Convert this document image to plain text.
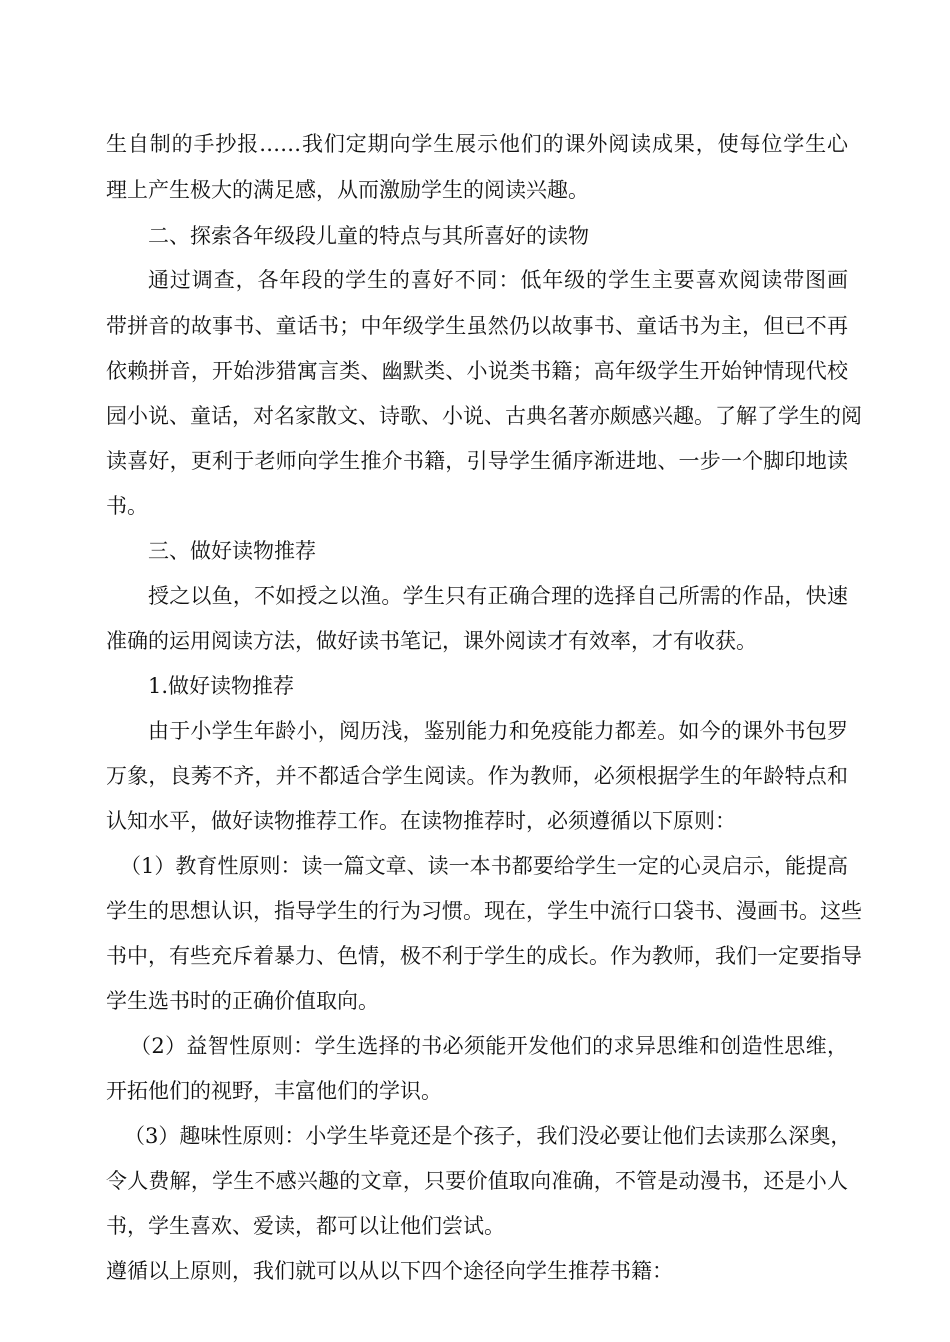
生自制的手抄报……我们定期向学生展示他们的课外阅读成果，使每位学生心

理上产生极大的满足感，从而激励学生的阅读兴趣。

二、探索各年级段儿童的特点与其所喜好的读物

通过调查，各年段的学生的喜好不同：低年级的学生主要喜欢阅读带图画

带拼音的故事书、童话书；中年级学生虽然仍以故事书、童话书为主，但已不再

依赖拼音，开始涉猎寓言类、幽默类、小说类书籍；高年级学生开始钟情现代校

园小说、童话，对名家散文、诗歌、小说、古典名著亦颇感兴趣。了解了学生的阅

读喜好，更利于老师向学生推介书籍，引导学生循序渐进地、一步一个脚印地读

书。

三、做好读物推荐

授之以鱼，不如授之以渔。学生只有正确合理的选择自己所需的作品，快速

准确的运用阅读方法，做好读书笔记，课外阅读才有效率，才有收获。

1.做好读物推荐

由于小学生年龄小，阅历浅，鉴别能力和免疫能力都差。如今的课外书包罗

万象，良莠不齐，并不都适合学生阅读。作为教师，必须根据学生的年龄特点和

认知水平，做好读物推荐工作。在读物推荐时，必须遵循以下原则：

（1）教育性原则：读一篇文章、读一本书都要给学生一定的心灵启示，能提高

学生的思想认识，指导学生的行为习惯。现在，学生中流行口袋书、漫画书。这些

书中，有些充斥着暴力、色情，极不利于学生的成长。作为教师，我们一定要指导

学生选书时的正确价值取向。

（2）益智性原则：学生选择的书必须能开发他们的求异思维和创造性思维，

开拓他们的视野，丰富他们的学识。

（3）趣味性原则：小学生毕竟还是个孩子，我们没必要让他们去读那么深奥，

令人费解，学生不感兴趣的文章，只要价值取向准确，不管是动漫书，还是小人

书，学生喜欢、爱读，都可以让他们尝试。

遵循以上原则，我们就可以从以下四个途径向学生推荐书籍：
